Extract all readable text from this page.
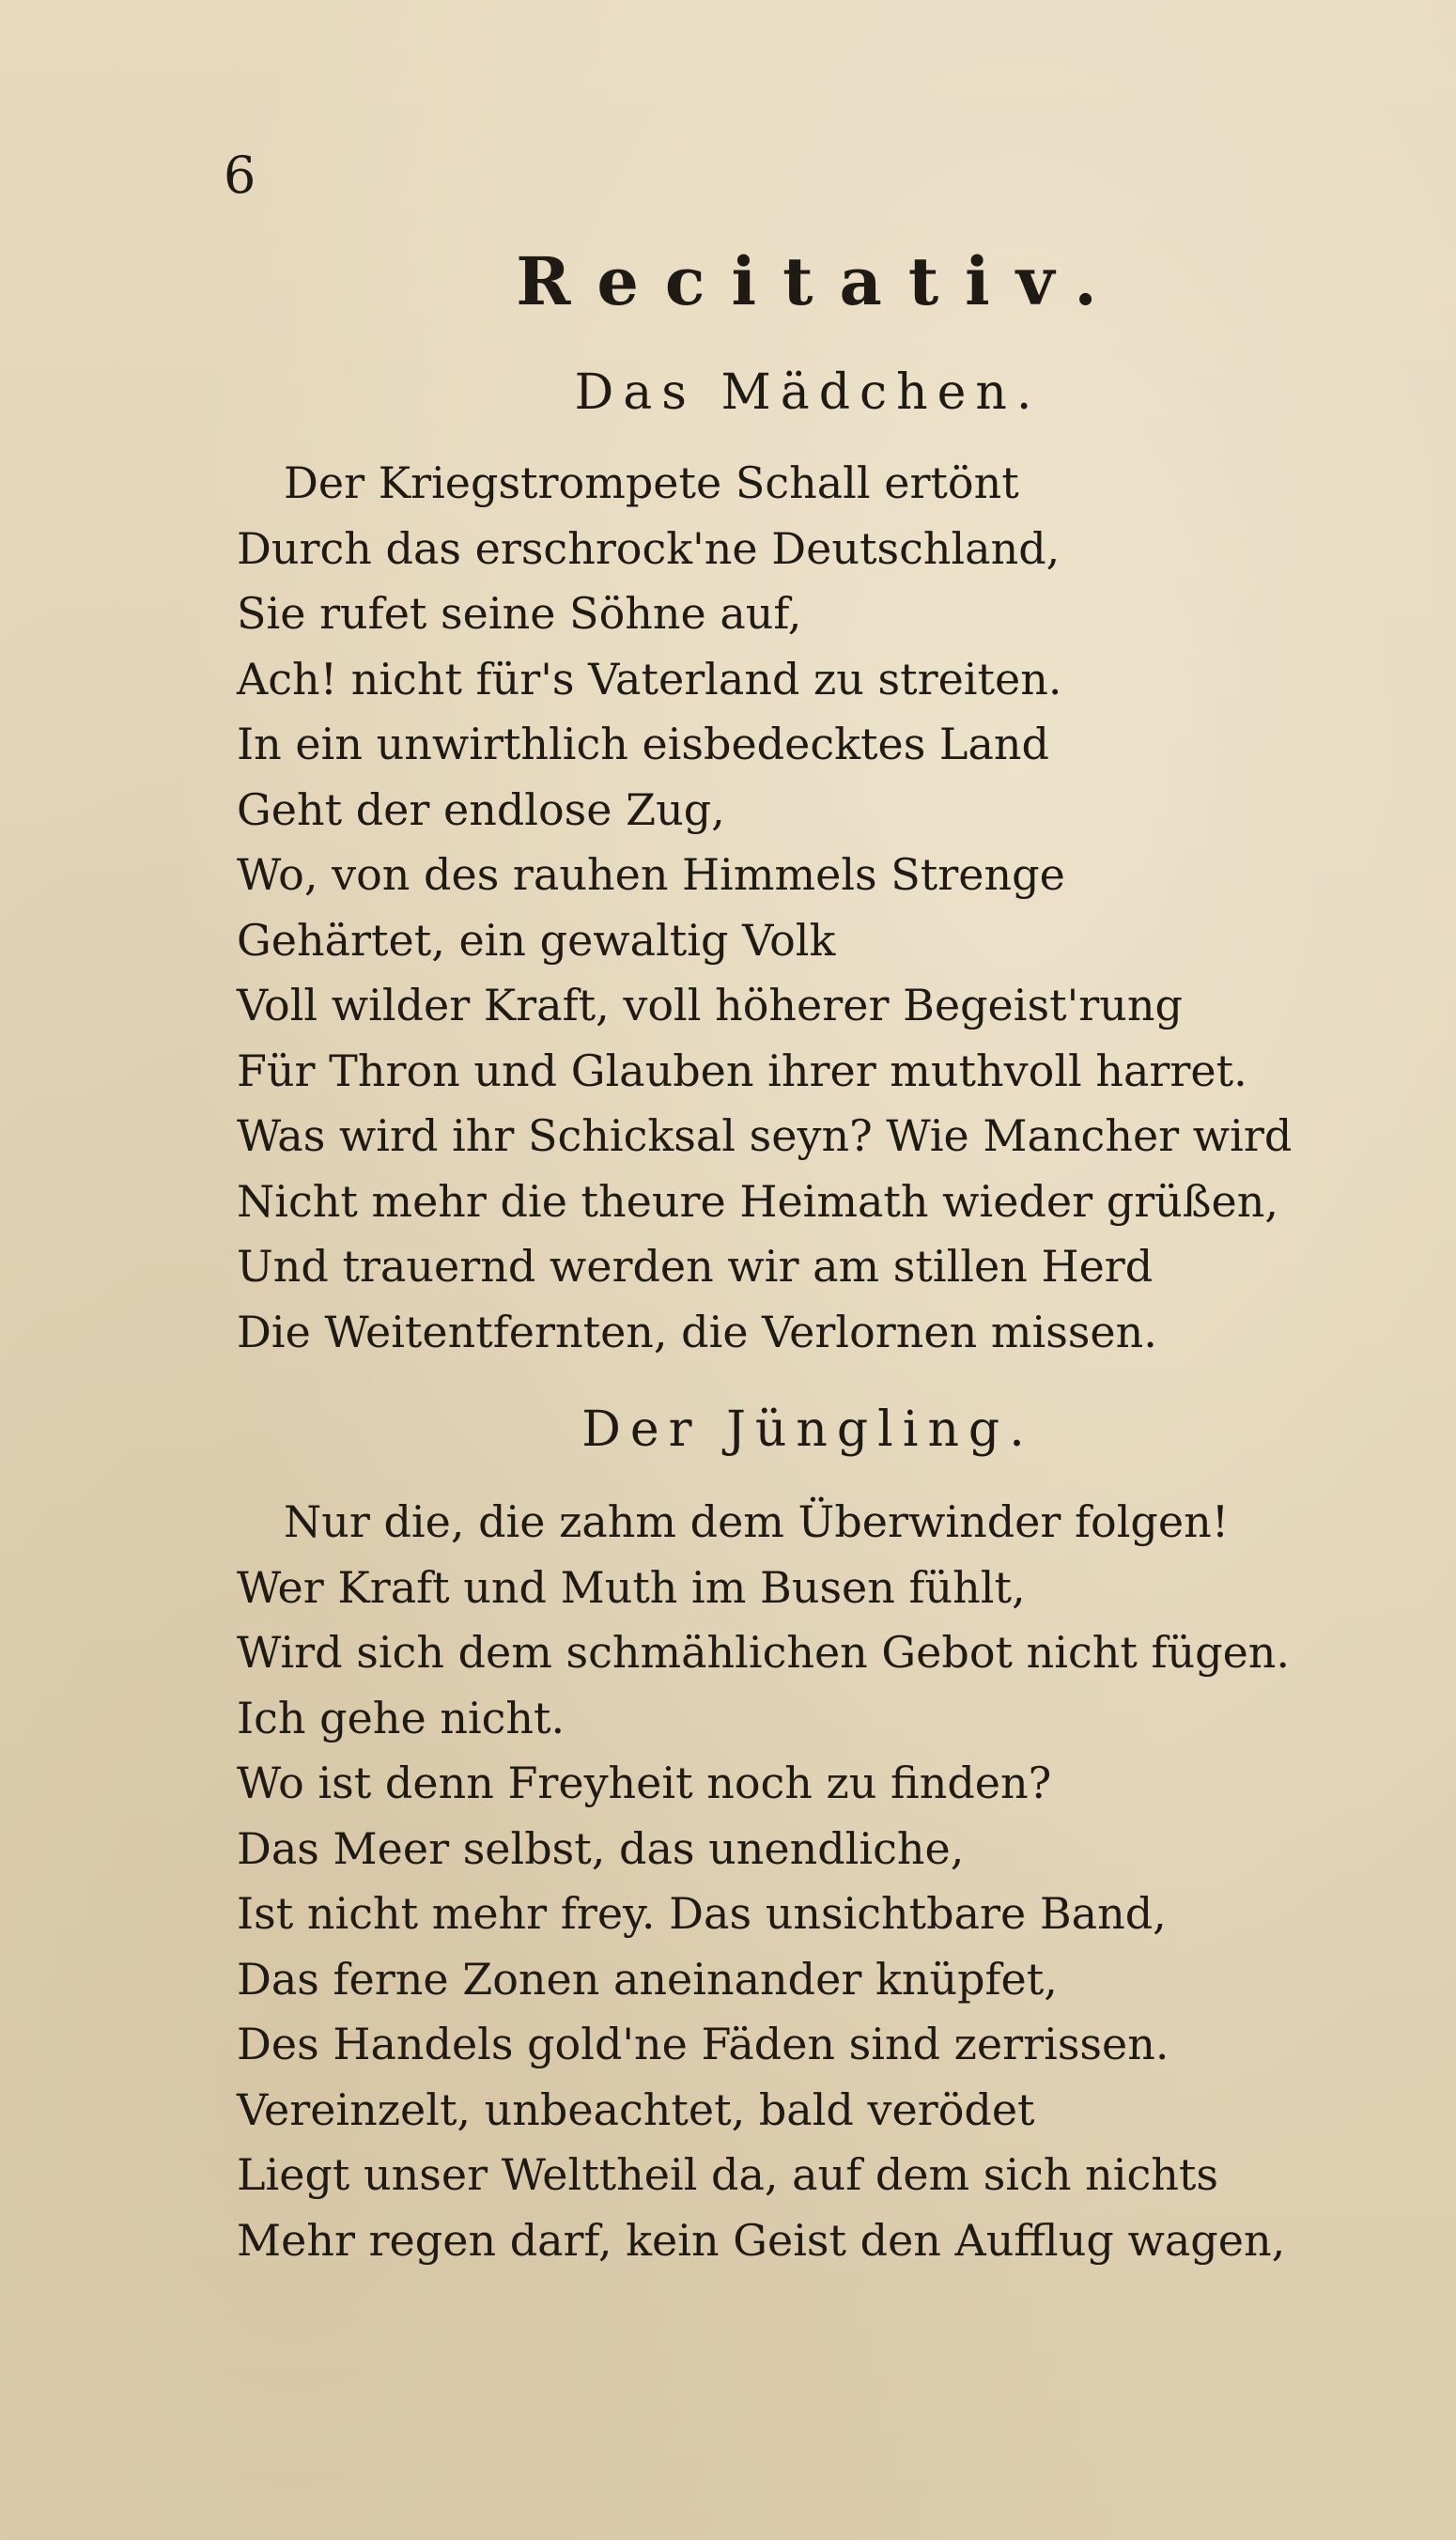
6
Recitativ.
Das Mädchen.
Der Kriegstrompete Schall ertönt
Durch das erschrock'ne Deutschland,
Sie rufet seine Söhne auf,
Ach! nicht für's Vaterland zu streiten.
In ein unwirthlich eisbedecktes Land
Geht der endlose Zug,
Wo, von des rauhen Himmels Strenge
Gehärtet, ein gewaltig Volk
Voll wilder Kraft, voll höherer Begeist'rung
Für Thron und Glauben ihrer muthvoll harret.
Was wird ihr Schicksal seyn? Wie Mancher wird
Nicht mehr die theure Heimath wieder grüßen,
Und trauernd werden wir am stillen Herd
Die Weitentfernten, die Verlornen missen.
Der Jüngling.
Nur die, die zahm dem Überwinder folgen!
Wer Kraft und Muth im Busen fühlt,
Wird sich dem schmählichen Gebot nicht fügen.
Ich gehe nicht.
Wo ist denn Freyheit noch zu finden?
Das Meer selbst, das unendliche,
Ist nicht mehr frey. Das unsichtbare Band,
Das ferne Zonen aneinander knüpfet,
Des Handels gold'ne Fäden sind zerrissen.
Vereinzelt, unbeachtet, bald verödet
Liegt unser Welttheil da, auf dem sich nichts
Mehr regen darf, kein Geist den Aufflug wagen,
